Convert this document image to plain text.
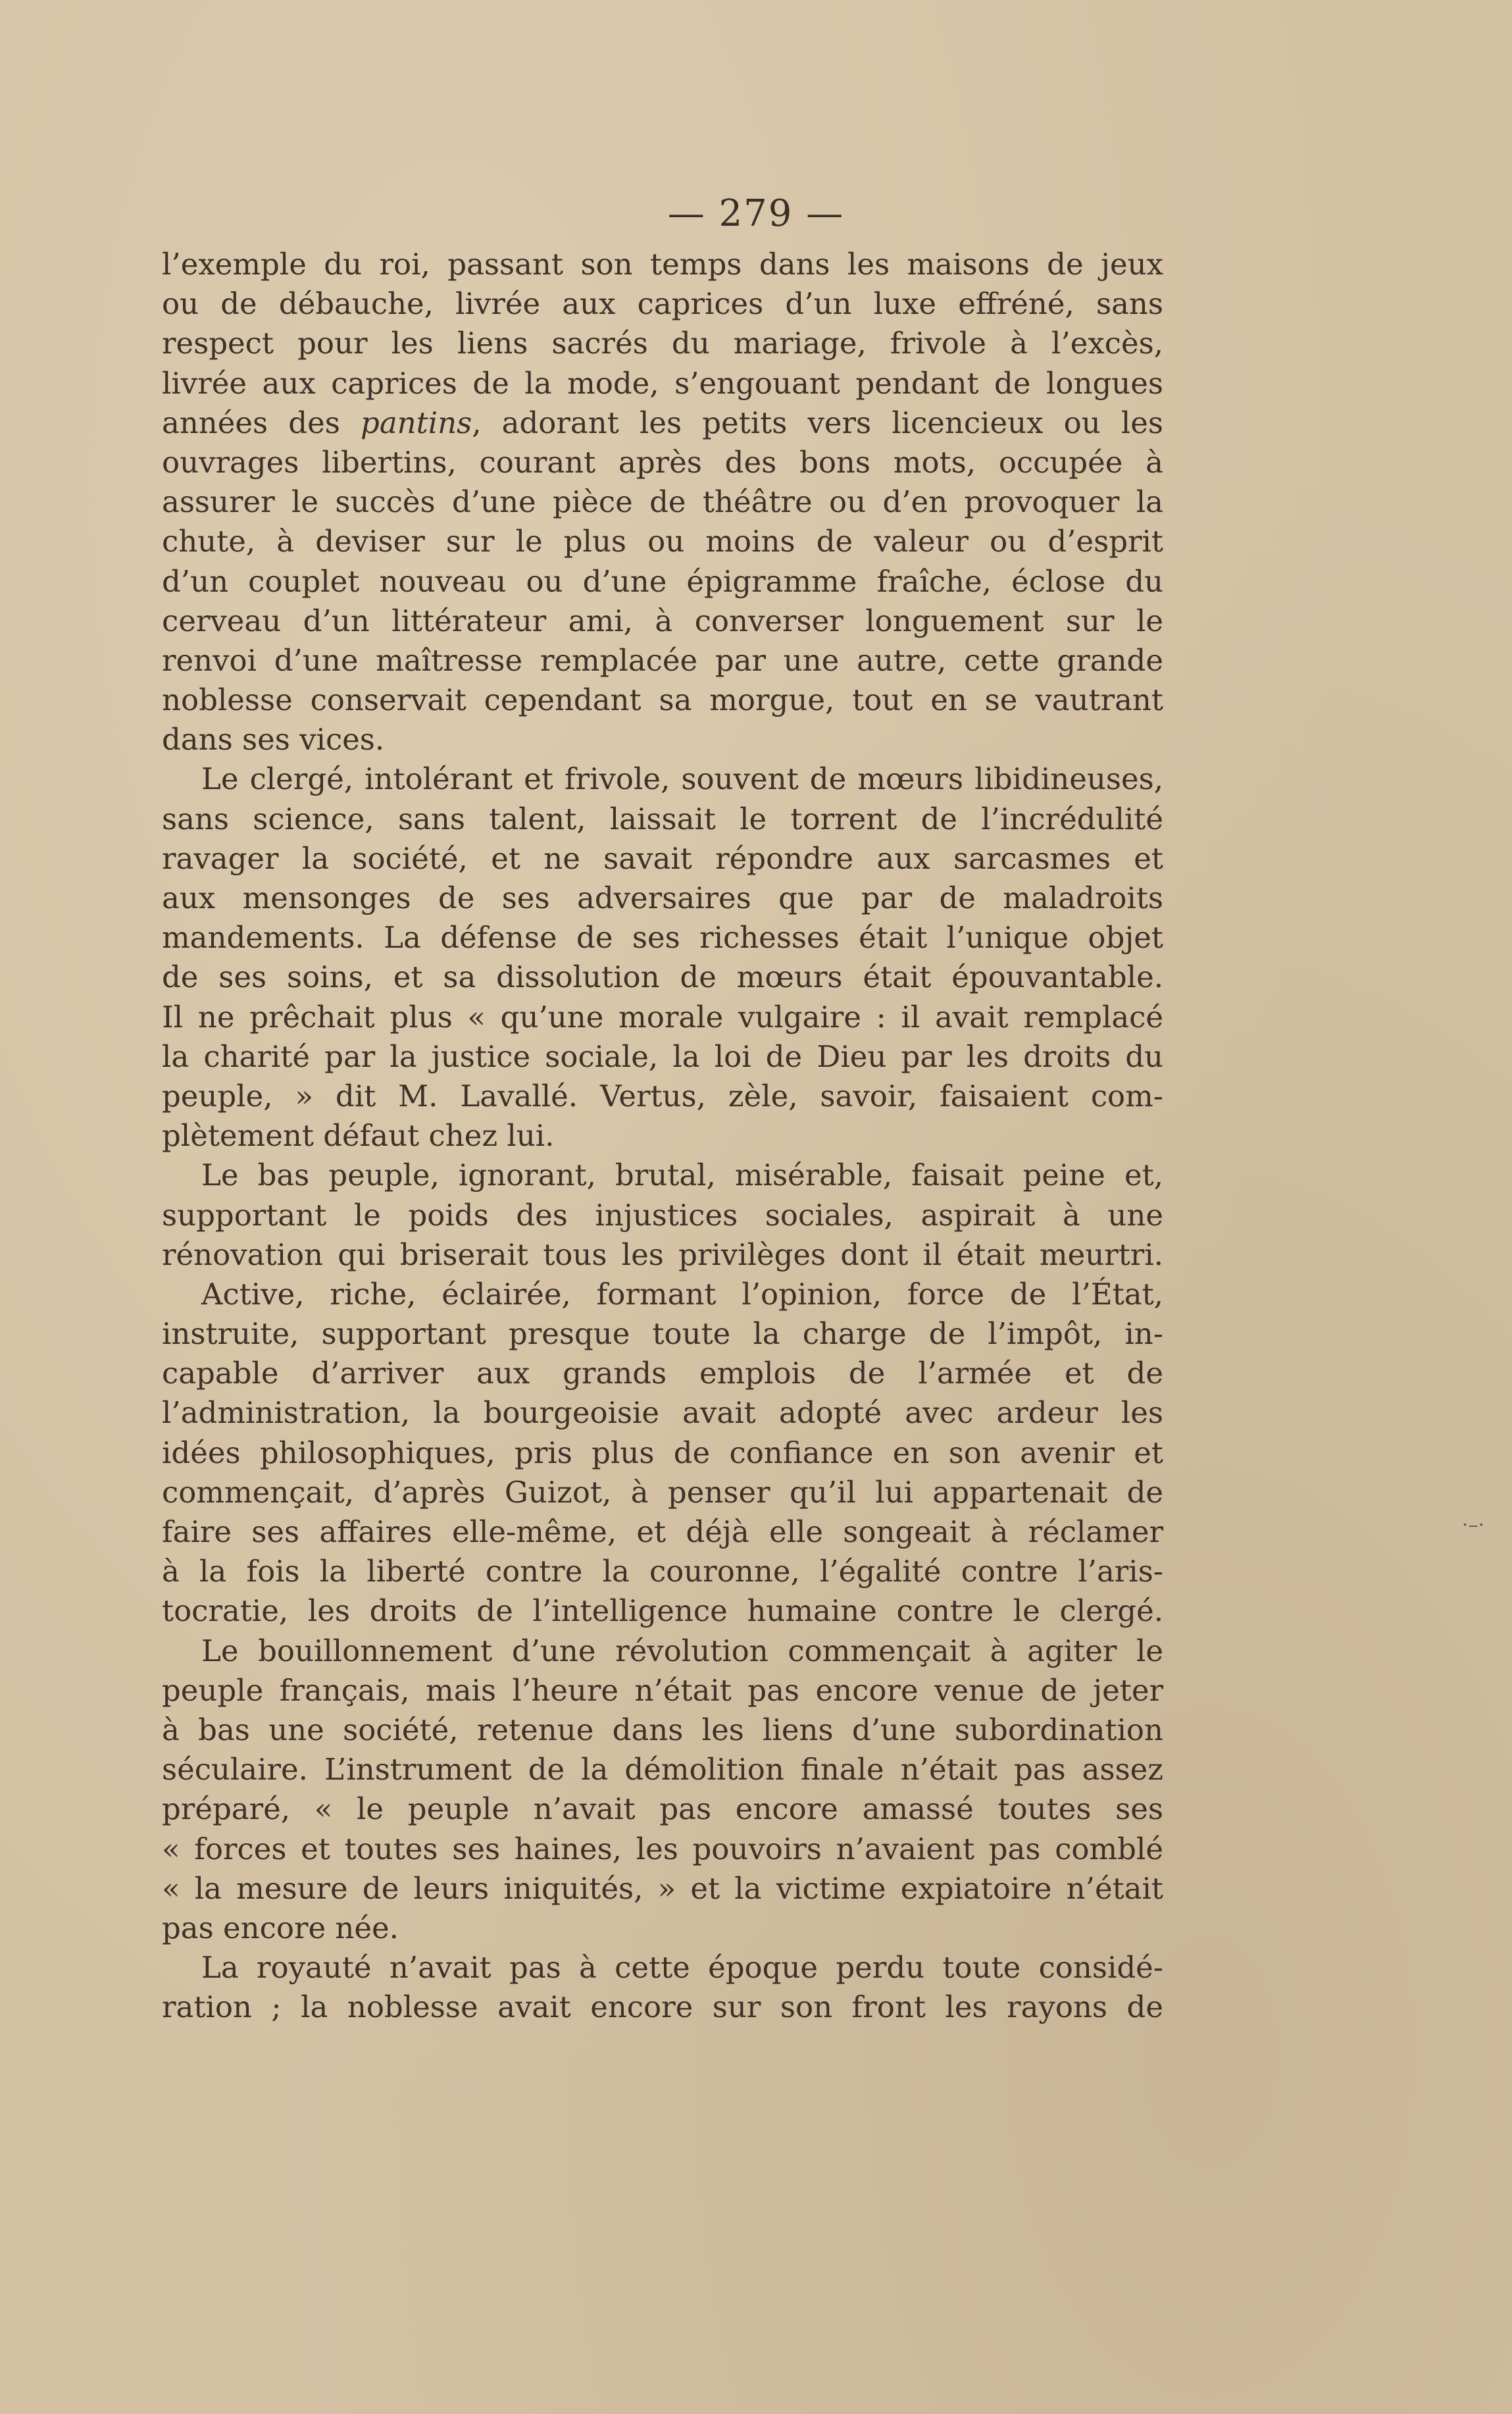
— 279 —
l’exemple du roi, passant son temps dans les maisons de jeux
ou de débauche, livrée aux caprices d’un luxe effréné, sans
respect pour les liens sacrés du mariage, frivole à l’excès,
livrée aux caprices de la mode, s’engouant pendant de longues
années des pantins, adorant les petits vers licencieux ou les
ouvrages libertins, courant après des bons mots, occupée à
assurer le succès d’une pièce de théâtre ou d’en provoquer la
chute, à deviser sur le plus ou moins de valeur ou d’esprit
d’un couplet nouveau ou d’une épigramme fraîche, éclose du
cerveau d’un littérateur ami, à converser longuement sur le
renvoi d’une maîtresse remplacée par une autre, cette grande
noblesse conservait cependant sa morgue, tout en se vautrant
dans ses vices.
Le clergé, intolérant et frivole, souvent de mœurs libidineuses,
sans science, sans talent, laissait le torrent de l’incrédulité
ravager la société, et ne savait répondre aux sarcasmes et
aux mensonges de ses adversaires que par de maladroits
mandements. La défense de ses richesses était l’unique objet
de ses soins, et sa dissolution de mœurs était épouvantable.
Il ne prêchait plus « qu’une morale vulgaire : il avait remplacé
la charité par la justice sociale, la loi de Dieu par les droits du
peuple, » dit M. Lavallé. Vertus, zèle, savoir, faisaient com-
plètement défaut chez lui.
Le bas peuple, ignorant, brutal, misérable, faisait peine et,
supportant le poids des injustices sociales, aspirait à une
rénovation qui briserait tous les privilèges dont il était meurtri.
Active, riche, éclairée, formant l’opinion, force de l’État,
instruite, supportant presque toute la charge de l’impôt, in-
capable d’arriver aux grands emplois de l’armée et de
l’administration, la bourgeoisie avait adopté avec ardeur les
idées philosophiques, pris plus de confiance en son avenir et
commençait, d’après Guizot, à penser qu’il lui appartenait de
faire ses affaires elle-même, et déjà elle songeait à réclamer
à la fois la liberté contre la couronne, l’égalité contre l’aris-
tocratie, les droits de l’intelligence humaine contre le clergé.
Le bouillonnement d’une révolution commençait à agiter le
peuple français, mais l’heure n’était pas encore venue de jeter
à bas une société, retenue dans les liens d’une subordination
séculaire. L’instrument de la démolition finale n’était pas assez
préparé, « le peuple n’avait pas encore amassé toutes ses
« forces et toutes ses haines, les pouvoirs n’avaient pas comblé
« la mesure de leurs iniquités, » et la victime expiatoire n’était
pas encore née.
La royauté n’avait pas à cette époque perdu toute considé-
ration ; la noblesse avait encore sur son front les rayons de
·–·
